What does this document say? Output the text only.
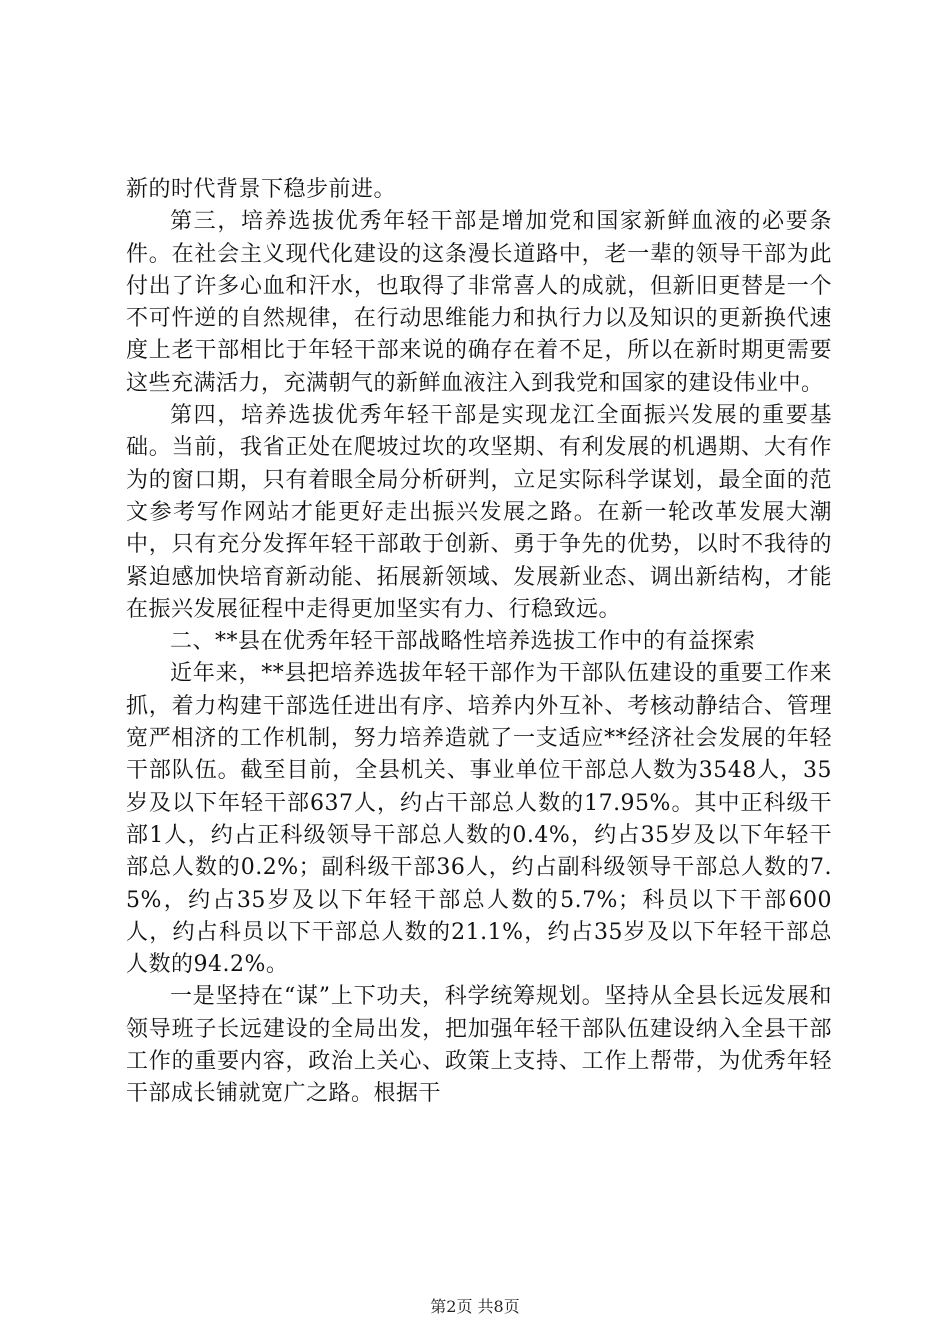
新的时代背景下稳步前进。

第三，培养选拔优秀年轻干部是增加党和国家新鲜血液的必要条件。在社会主义现代化建设的这条漫长道路中，老一辈的领导干部为此付出了许多心血和汗水，也取得了非常喜人的成就，但新旧更替是一个不可忤逆的自然规律，在行动思维能力和执行力以及知识的更新换代速度上老干部相比于年轻干部来说的确存在着不足，所以在新时期更需要这些充满活力，充满朝气的新鲜血液注入到我党和国家的建设伟业中。

第四，培养选拔优秀年轻干部是实现龙江全面振兴发展的重要基础。当前，我省正处在爬坡过坎的攻坚期、有利发展的机遇期、大有作为的窗口期，只有着眼全局分析研判，立足实际科学谋划，最全面的范文参考写作网站才能更好走出振兴发展之路。在新一轮改革发展大潮中，只有充分发挥年轻干部敢于创新、勇于争先的优势，以时不我待的紧迫感加快培育新动能、拓展新领域、发展新业态、调出新结构，才能在振兴发展征程中走得更加坚实有力、行稳致远。

二、**县在优秀年轻干部战略性培养选拔工作中的有益探索

近年来，**县把培养选拔年轻干部作为干部队伍建设的重要工作来抓，着力构建干部选任进出有序、培养内外互补、考核动静结合、管理宽严相济的工作机制，努力培养造就了一支适应**经济社会发展的年轻干部队伍。截至目前，全县机关、事业单位干部总人数为3548人，35岁及以下年轻干部637人，约占干部总人数的17.95%。其中正科级干部1人，约占正科级领导干部总人数的0.4%，约占35岁及以下年轻干部总人数的0.2%；副科级干部36人，约占副科级领导干部总人数的7.5%，约占35岁及以下年轻干部总人数的5.7%；科员以下干部600人，约占科员以下干部总人数的21.1%，约占35岁及以下年轻干部总人数的94.2%。

一是坚持在“谋”上下功夫，科学统筹规划。坚持从全县长远发展和领导班子长远建设的全局出发，把加强年轻干部队伍建设纳入全县干部工作的重要内容，政治上关心、政策上支持、工作上帮带，为优秀年轻干部成长铺就宽广之路。根据干

第2页 共8页
